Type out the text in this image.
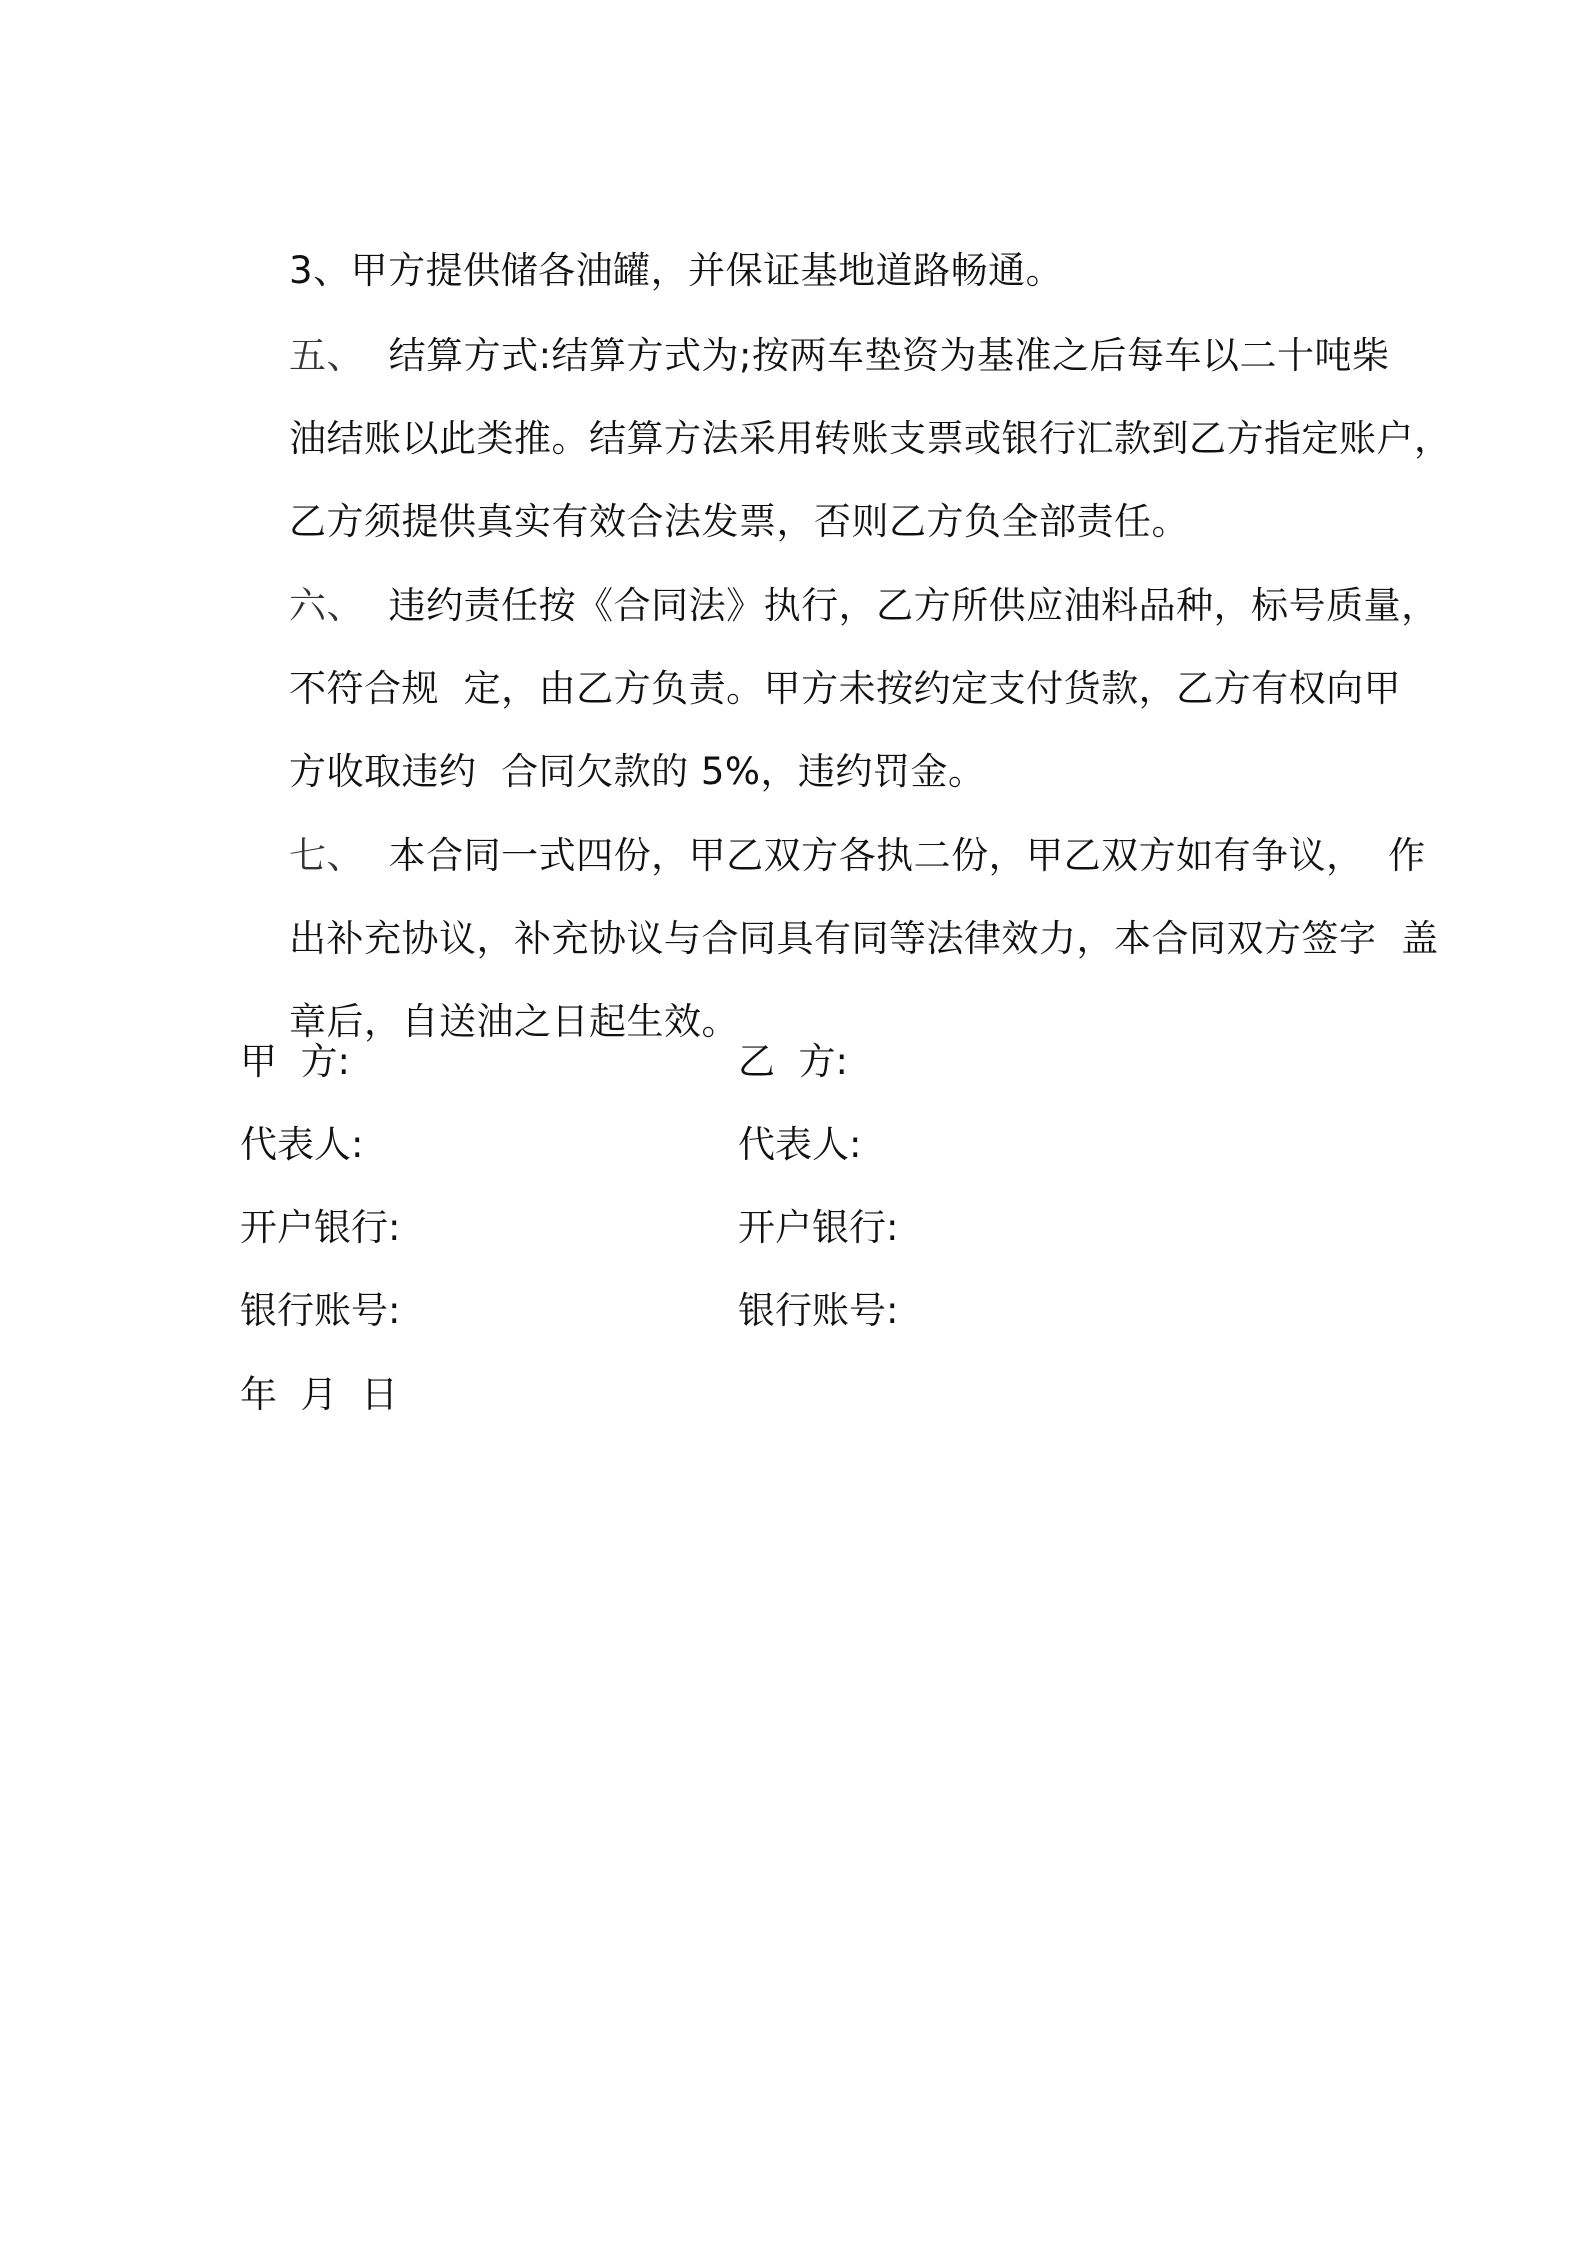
3、甲方提供储各油罐，并保证基地道路畅通。

五、 结算方式:结算方式为;按两车垫资为基准之后每车以二十吨柴

油结账以此类推。结算方法采用转账支票或银行汇款到乙方指定账户，

乙方须提供真实有效合法发票，否则乙方负全部责任。

六、 违约责任按《合同法》执行，乙方所供应油料品种，标号质量，

不符合规  定，由乙方负责。甲方未按约定支付货款，乙方有权向甲

方收取违约  合同欠款的 5%，违约罚金。

七、 本合同一式四份，甲乙双方各执二份，甲乙双方如有争议，  作

出补充协议，补充协议与合同具有同等法律效力，本合同双方签字  盖

章后，自送油之日起生效。

甲  方:	乙  方:
代表人:	代表人:
开户银行:	开户银行:
银行账号:	银行账号:
年  月  日
